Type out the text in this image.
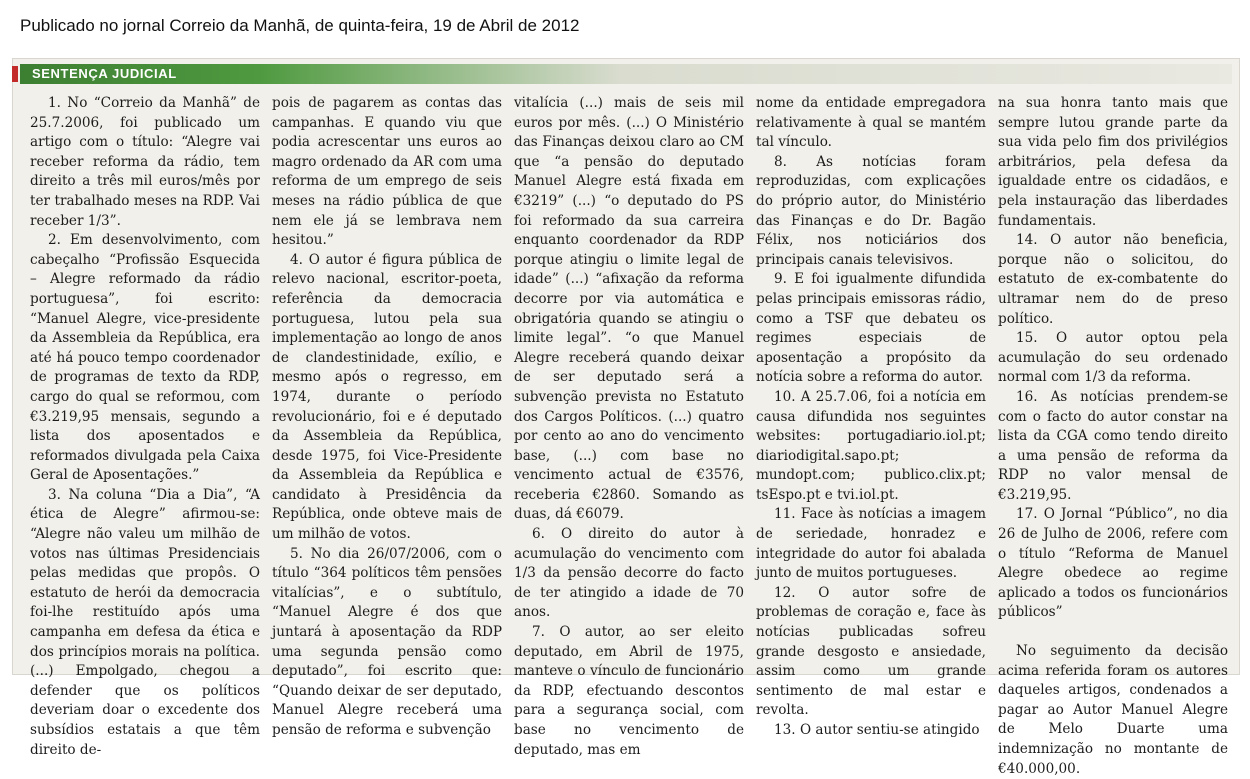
Publicado no jornal Correio da Manhã, de quinta-feira, 19 de Abril de 2012
SENTENÇA JUDICIAL

1. No “Correio da Manhã” de 25.7.2006, foi publicado um artigo com o título: “Alegre vai receber reforma da rádio, tem direito a três mil euros/mês por ter trabalhado meses na RDP. Vai receber 1/3”.

2. Em desenvolvimento, com cabeçalho “Profissão Esquecida – Alegre reformado da rádio portuguesa”, foi escrito: “Manuel Alegre, vice-presidente da Assembleia da República, era até há pouco tempo coordenador de programas de texto da RDP, cargo do qual se reformou, com €3.219,95 mensais, segundo a lista dos aposentados e reformados divulgada pela Caixa Geral de Aposentações.”

3. Na coluna “Dia a Dia”, “A ética de Alegre” afirmou-se: “Alegre não valeu um milhão de votos nas últimas Presidenciais pelas medidas que propôs. O estatuto de herói da democracia foi-lhe restituído após uma campanha em defesa da ética e dos princípios morais na política. (...) Empolgado, chegou a defender que os políticos deveriam doar o excedente dos subsídios estatais a que têm direito de-

pois de pagarem as contas das campanhas. E quando viu que podia acrescentar uns euros ao magro ordenado da AR com uma reforma de um emprego de seis meses na rádio pública de que nem ele já se lembrava nem hesitou.”

4. O autor é figura pública de relevo nacional, escritor-poeta, referência da democracia portuguesa, lutou pela sua implementação ao longo de anos de clandestinidade, exílio, e mesmo após o regresso, em 1974, durante o período revolucionário, foi e é deputado da Assembleia da República, desde 1975, foi Vice-Presidente da Assembleia da República e candidato à Presidência da República, onde obteve mais de um milhão de votos.

5. No dia 26/07/2006, com o título “364 políticos têm pensões vitalícias”, e o subtítulo, “Manuel Alegre é dos que juntará à aposentação da RDP uma segunda pensão como deputado”, foi escrito que: “Quando deixar de ser deputado, Manuel Alegre receberá uma pensão de reforma e subvenção

vitalícia (...) mais de seis mil euros por mês. (...) O Ministério das Finanças deixou claro ao CM que “a pensão do deputado Manuel Alegre está fixada em €3219” (...) “o deputado do PS foi reformado da sua carreira enquanto coordenador da RDP porque atingiu o limite legal de idade” (...) “afixação da reforma decorre por via automática e obrigatória quando se atingiu o limite legal”. “o que Manuel Alegre receberá quando deixar de ser deputado será a subvenção prevista no Estatuto dos Cargos Políticos. (...) quatro por cento ao ano do vencimento base, (...) com base no vencimento actual de €3576, receberia €2860. Somando as duas, dá €6079.

6. O direito do autor à acumulação do vencimento com 1/3 da pensão decorre do facto de ter atingido a idade de 70 anos.

7. O autor, ao ser eleito deputado, em Abril de 1975, manteve o vínculo de funcionário da RDP, efectuando descontos para a segurança social, com base no vencimento de deputado, mas em

nome da entidade empregadora relativamente à qual se mantém tal vínculo.

8. As notícias foram reproduzidas, com explicações do próprio autor, do Ministério das Finanças e do Dr. Bagão Félix, nos noticiários dos principais canais televisivos.

9. E foi igualmente difundida pelas principais emissoras rádio, como a TSF que debateu os regimes especiais de aposentação a propósito da notícia sobre a reforma do autor.

10. A 25.7.06, foi a notícia em causa difundida nos seguintes websites: portugadiario.iol.pt; diariodigital.sapo.pt; mundopt.com; publico.clix.pt; tsEspo.pt e tvi.iol.pt.

11. Face às notícias a imagem de seriedade, honradez e integridade do autor foi abalada junto de muitos portugueses.

12. O autor sofre de problemas de coração e, face às notícias publicadas sofreu grande desgosto e ansiedade, assim como um grande sentimento de mal estar e revolta.

13. O autor sentiu-se atingido

na sua honra tanto mais que sempre lutou grande parte da sua vida pelo fim dos privilégios arbitrários, pela defesa da igualdade entre os cidadãos, e pela instauração das liberdades fundamentais.

14. O autor não beneficia, porque não o solicitou, do estatuto de ex-combatente do ultramar nem do de preso político.

15. O autor optou pela acumulação do seu ordenado normal com 1/3 da reforma.

16. As notícias prendem-se com o facto do autor constar na lista da CGA como tendo direito a uma pensão de reforma da RDP no valor mensal de €3.219,95.

17. O Jornal “Público”, no dia 26 de Julho de 2006, refere com o título “Reforma de Manuel Alegre obedece ao regime aplicado a todos os funcionários públicos”

No seguimento da decisão acima referida foram os autores daqueles artigos, condenados a pagar ao Autor Manuel Alegre de Melo Duarte uma indemnização no montante de €40.000,00.
